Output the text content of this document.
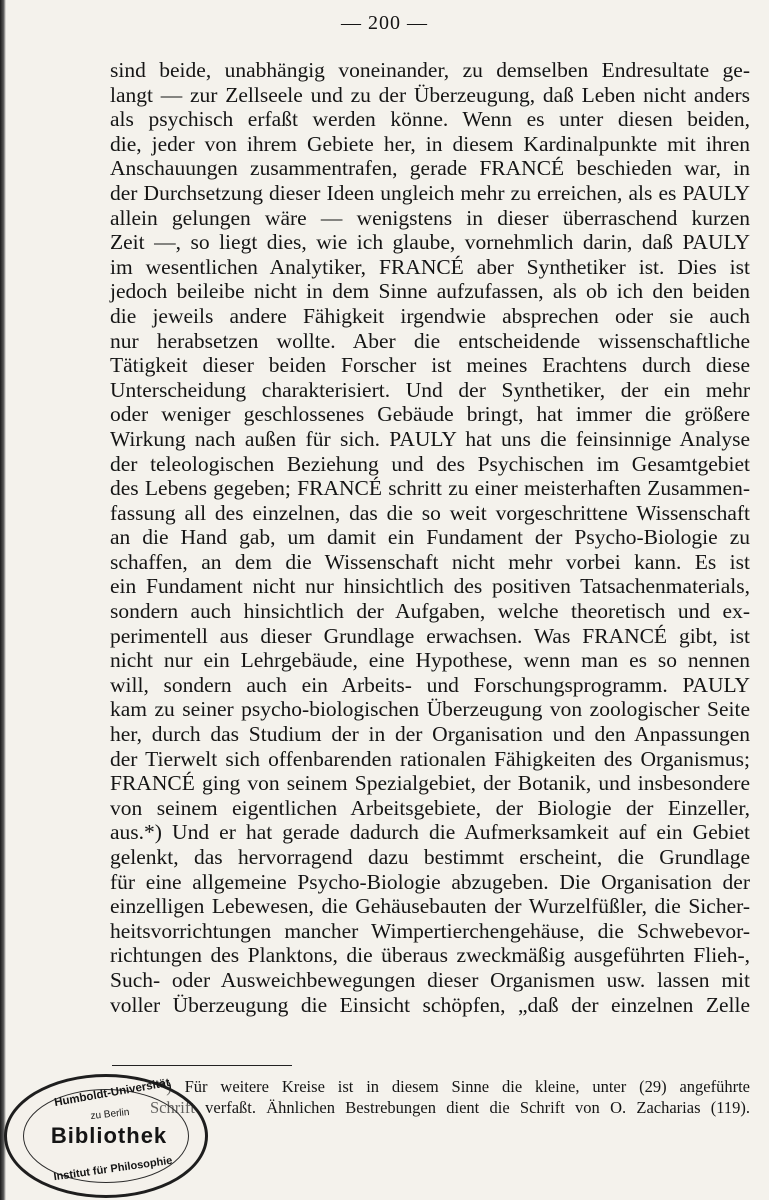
— 200 —
sind beide, unabhängig voneinander, zu demselben Endresultate ge-
langt — zur Zellseele und zu der Überzeugung, daß Leben nicht anders
als psychisch erfaßt werden könne. Wenn es unter diesen beiden,
die, jeder von ihrem Gebiete her, in diesem Kardinalpunkte mit ihren
Anschauungen zusammentrafen, gerade FRANCÉ beschieden war, in
der Durchsetzung dieser Ideen ungleich mehr zu erreichen, als es PAULY
allein gelungen wäre — wenigstens in dieser überraschend kurzen
Zeit —, so liegt dies, wie ich glaube, vornehmlich darin, daß PAULY
im wesentlichen Analytiker, FRANCÉ aber Synthetiker ist. Dies ist
jedoch beileibe nicht in dem Sinne aufzufassen, als ob ich den beiden
die jeweils andere Fähigkeit irgendwie absprechen oder sie auch
nur herabsetzen wollte. Aber die entscheidende wissenschaftliche
Tätigkeit dieser beiden Forscher ist meines Erachtens durch diese
Unterscheidung charakterisiert. Und der Synthetiker, der ein mehr
oder weniger geschlossenes Gebäude bringt, hat immer die größere
Wirkung nach außen für sich. PAULY hat uns die feinsinnige Analyse
der teleologischen Beziehung und des Psychischen im Gesamtgebiet
des Lebens gegeben; FRANCÉ schritt zu einer meisterhaften Zusammen-
fassung all des einzelnen, das die so weit vorgeschrittene Wissenschaft
an die Hand gab, um damit ein Fundament der Psycho-Biologie zu
schaffen, an dem die Wissenschaft nicht mehr vorbei kann. Es ist
ein Fundament nicht nur hinsichtlich des positiven Tatsachenmaterials,
sondern auch hinsichtlich der Aufgaben, welche theoretisch und ex-
perimentell aus dieser Grundlage erwachsen. Was FRANCÉ gibt, ist
nicht nur ein Lehrgebäude, eine Hypothese, wenn man es so nennen
will, sondern auch ein Arbeits- und Forschungsprogramm. PAULY
kam zu seiner psycho-biologischen Überzeugung von zoologischer Seite
her, durch das Studium der in der Organisation und den Anpassungen
der Tierwelt sich offenbarenden rationalen Fähigkeiten des Organismus;
FRANCÉ ging von seinem Spezialgebiet, der Botanik, und insbesondere
von seinem eigentlichen Arbeitsgebiete, der Biologie der Einzeller,
aus.*) Und er hat gerade dadurch die Aufmerksamkeit auf ein Gebiet
gelenkt, das hervorragend dazu bestimmt erscheint, die Grundlage
für eine allgemeine Psycho-Biologie abzugeben. Die Organisation der
einzelligen Lebewesen, die Gehäusebauten der Wurzelfüßler, die Sicher-
heitsvorrichtungen mancher Wimpertierchengehäuse, die Schwebevor-
richtungen des Planktons, die überaus zweckmäßig ausgeführten Flieh-,
Such- oder Ausweichbewegungen dieser Organismen usw. lassen mit
voller Überzeugung die Einsicht schöpfen, „daß der einzelnen Zelle
*) Für weitere Kreise ist in diesem Sinne die kleine, unter (29) angeführte
Schrift verfaßt. Ähnlichen Bestrebungen dient die Schrift von O. Zacharias (119).
Humboldt-Universität
zu Berlin
Bibliothek
Institut für Philosophie
